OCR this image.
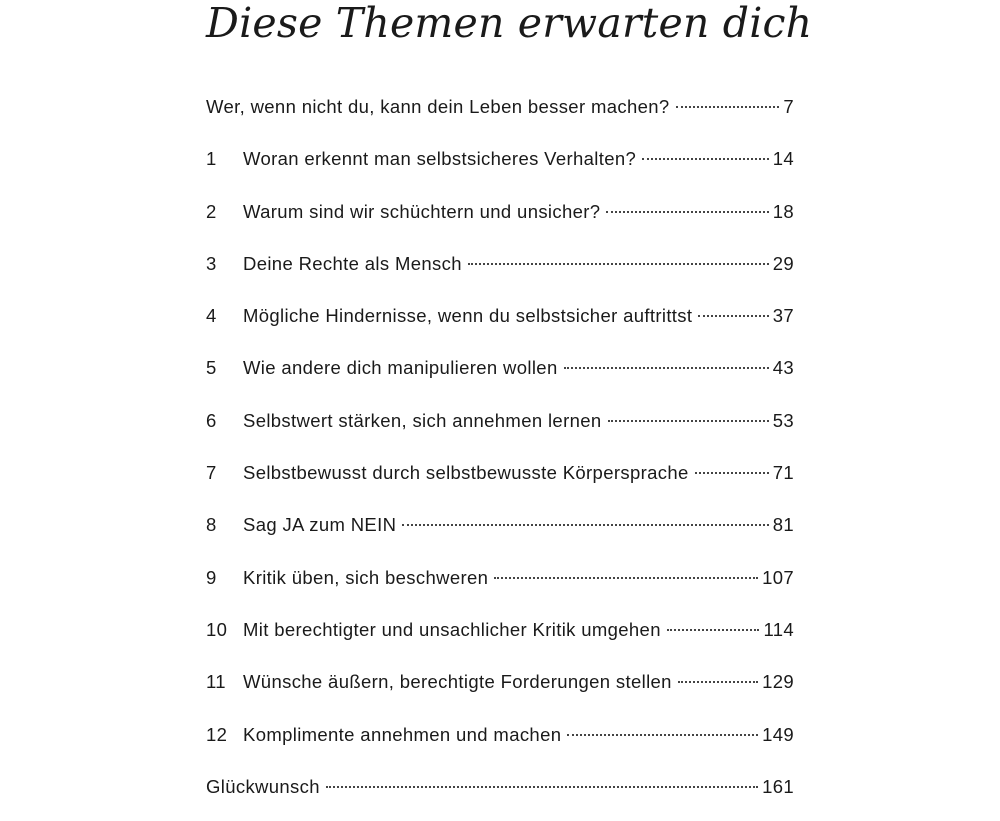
Diese Themen erwarten dich
Wer, wenn nicht du, kann dein Leben besser machen?	7
1	Woran erkennt man selbstsicheres Verhalten?	14
2	Warum sind wir schüchtern und unsicher?	18
3	Deine Rechte als Mensch	29
4	Mögliche Hindernisse, wenn du selbstsicher auftrittst	37
5	Wie andere dich manipulieren wollen	43
6	Selbstwert stärken, sich annehmen lernen	53
7	Selbstbewusst durch selbstbewusste Körpersprache	71
8	Sag JA zum NEIN	81
9	Kritik üben, sich beschweren	107
10 Mit berechtigter und unsachlicher Kritik umgehen	114
11 Wünsche äußern, berechtigte Forderungen stellen	129
12 Komplimente annehmen und machen	149
Glückwunsch	161
